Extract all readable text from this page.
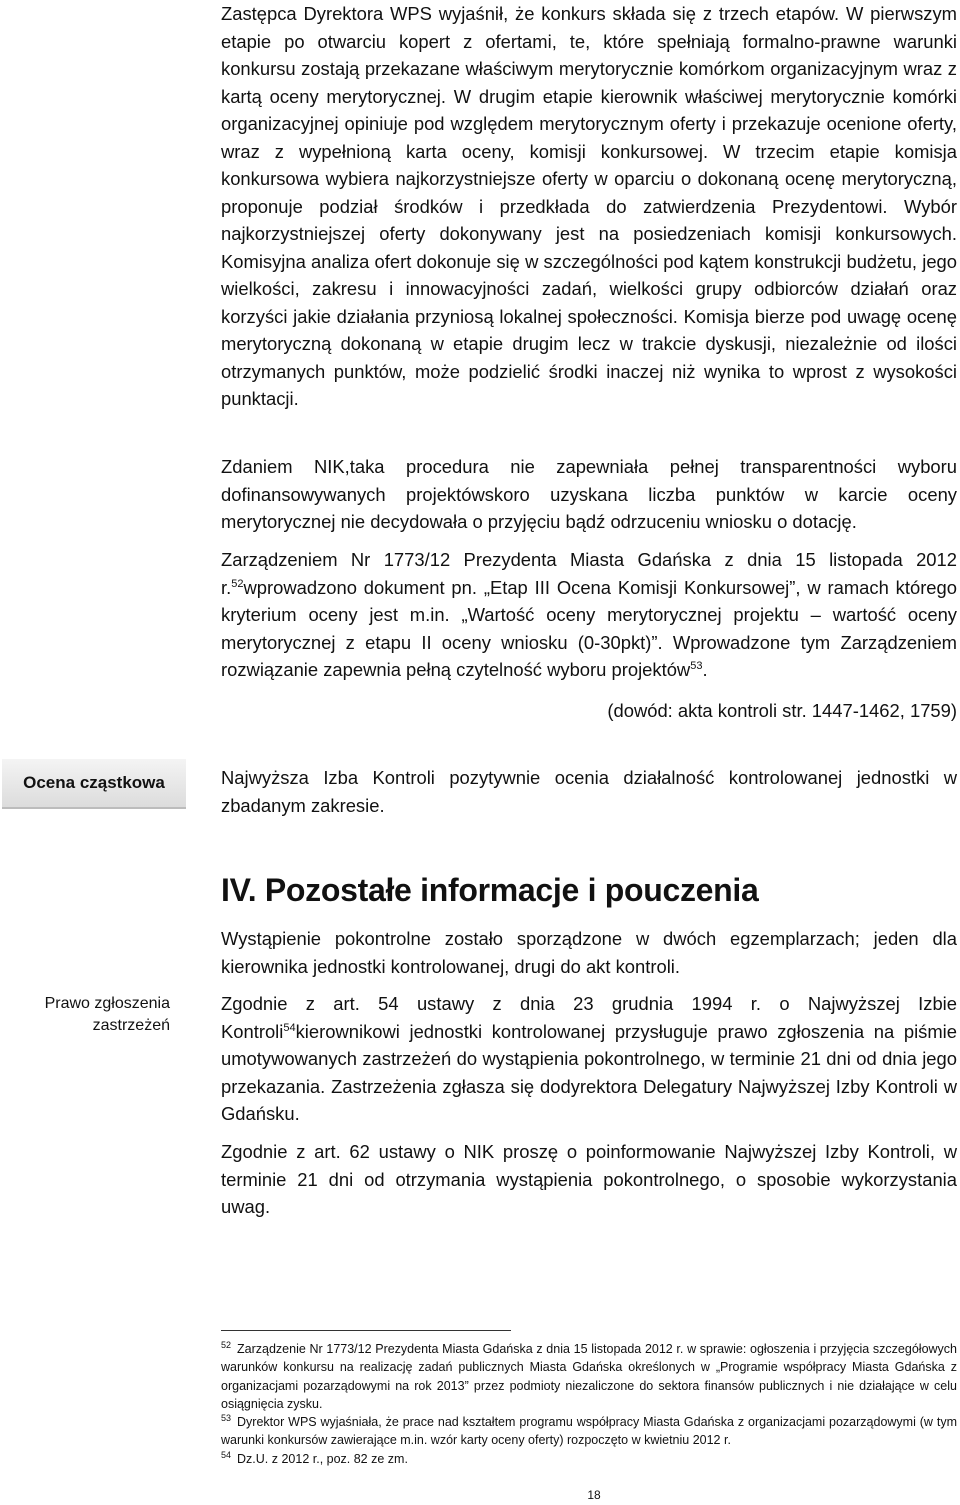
Zastępca Dyrektora WPS wyjaśnił, że konkurs składa się z trzech etapów. W pierwszym etapie po otwarciu kopert z ofertami, te, które spełniają formalno-prawne warunki konkursu zostają przekazane właściwym merytorycznie komórkom organizacyjnym wraz z kartą oceny merytorycznej. W drugim etapie kierownik właściwej merytorycznie komórki organizacyjnej opiniuje pod względem merytorycznym oferty i przekazuje ocenione oferty, wraz z wypełnioną karta oceny, komisji konkursowej. W trzecim etapie komisja konkursowa wybiera najkorzystniejsze oferty w oparciu o dokonaną ocenę merytoryczną, proponuje podział środków i przedkłada do zatwierdzenia Prezydentowi. Wybór najkorzystniejszej oferty dokonywany jest na posiedzeniach komisji konkursowych. Komisyjna analiza ofert dokonuje się w szczególności pod kątem konstrukcji budżetu, jego wielkości, zakresu i innowacyjności zadań, wielkości grupy odbiorców działań oraz korzyści jakie działania przyniosą lokalnej społeczności. Komisja bierze pod uwagę ocenę merytoryczną dokonaną w etapie drugim lecz w trakcie dyskusji, niezależnie od ilości otrzymanych punktów, może podzielić środki inaczej niż wynika to wprost z wysokości punktacji.

Zdaniem NIK,taka procedura nie zapewniała pełnej transparentności wyboru dofinansowywanych projektówskoro uzyskana liczba punktów w karcie oceny merytorycznej nie decydowała o przyjęciu bądź odrzuceniu wniosku o dotację.

Zarządzeniem Nr 1773/12 Prezydenta Miasta Gdańska z dnia 15 listopada 2012 r.$^{52}$wprowadzono dokument pn. „Etap III Ocena Komisji Konkursowej”, w ramach którego kryterium oceny jest m.in. „Wartość oceny merytorycznej projektu – wartość oceny merytorycznej z etapu II oceny wniosku (0-30pkt)”. Wprowadzone tym Zarządzeniem rozwiązanie zapewnia pełną czytelność wyboru projektów$^{53}$.

(dowód: akta kontroli str. 1447-1462, 1759)

Ocena cząstkowa	Najwyższa Izba Kontroli pozytywnie ocenia działalność kontrolowanej jednostki w zbadanym zakresie.

IV. Pozostałe informacje i pouczenia

Wystąpienie pokontrolne zostało sporządzone w dwóch egzemplarzach; jeden dla kierownika jednostki kontrolowanej, drugi do akt kontroli.

Prawo zgłoszenia zastrzeżeń

Zgodnie z art. 54 ustawy z dnia 23 grudnia 1994 r. o Najwyższej Izbie Kontroli$^{54}$kierownikowi jednostki kontrolowanej przysługuje prawo zgłoszenia na piśmie umotywowanych zastrzeżeń do wystąpienia pokontrolnego, w terminie 21 dni od dnia jego przekazania. Zastrzeżenia zgłasza się dodyrektora Delegatury Najwyższej Izby Kontroli w Gdańsku.

Zgodnie z art. 62 ustawy o NIK proszę o poinformowanie Najwyższej Izby Kontroli, w terminie 21 dni od otrzymania wystąpienia pokontrolnego, o sposobie wykorzystania uwag.

$^{52}$ Zarządzenie Nr 1773/12 Prezydenta Miasta Gdańska z dnia 15 listopada 2012 r. w sprawie: ogłoszenia i przyjęcia szczegółowych warunków konkursu na realizację zadań publicznych Miasta Gdańska określonych w „Programie współpracy Miasta Gdańska z organizacjami pozarządowymi na rok 2013” przez podmioty niezaliczone do sektora finansów publicznych i nie działające w celu osiągnięcia zysku.

$^{53}$ Dyrektor WPS wyjaśniała, że prace nad kształtem programu współpracy Miasta Gdańska z organizacjami pozarządowymi (w tym warunki konkursów zawierające m.in. wzór karty oceny oferty) rozpoczęto w kwietniu 2012 r.

$^{54}$ Dz.U. z 2012 r., poz. 82 ze zm.

18
